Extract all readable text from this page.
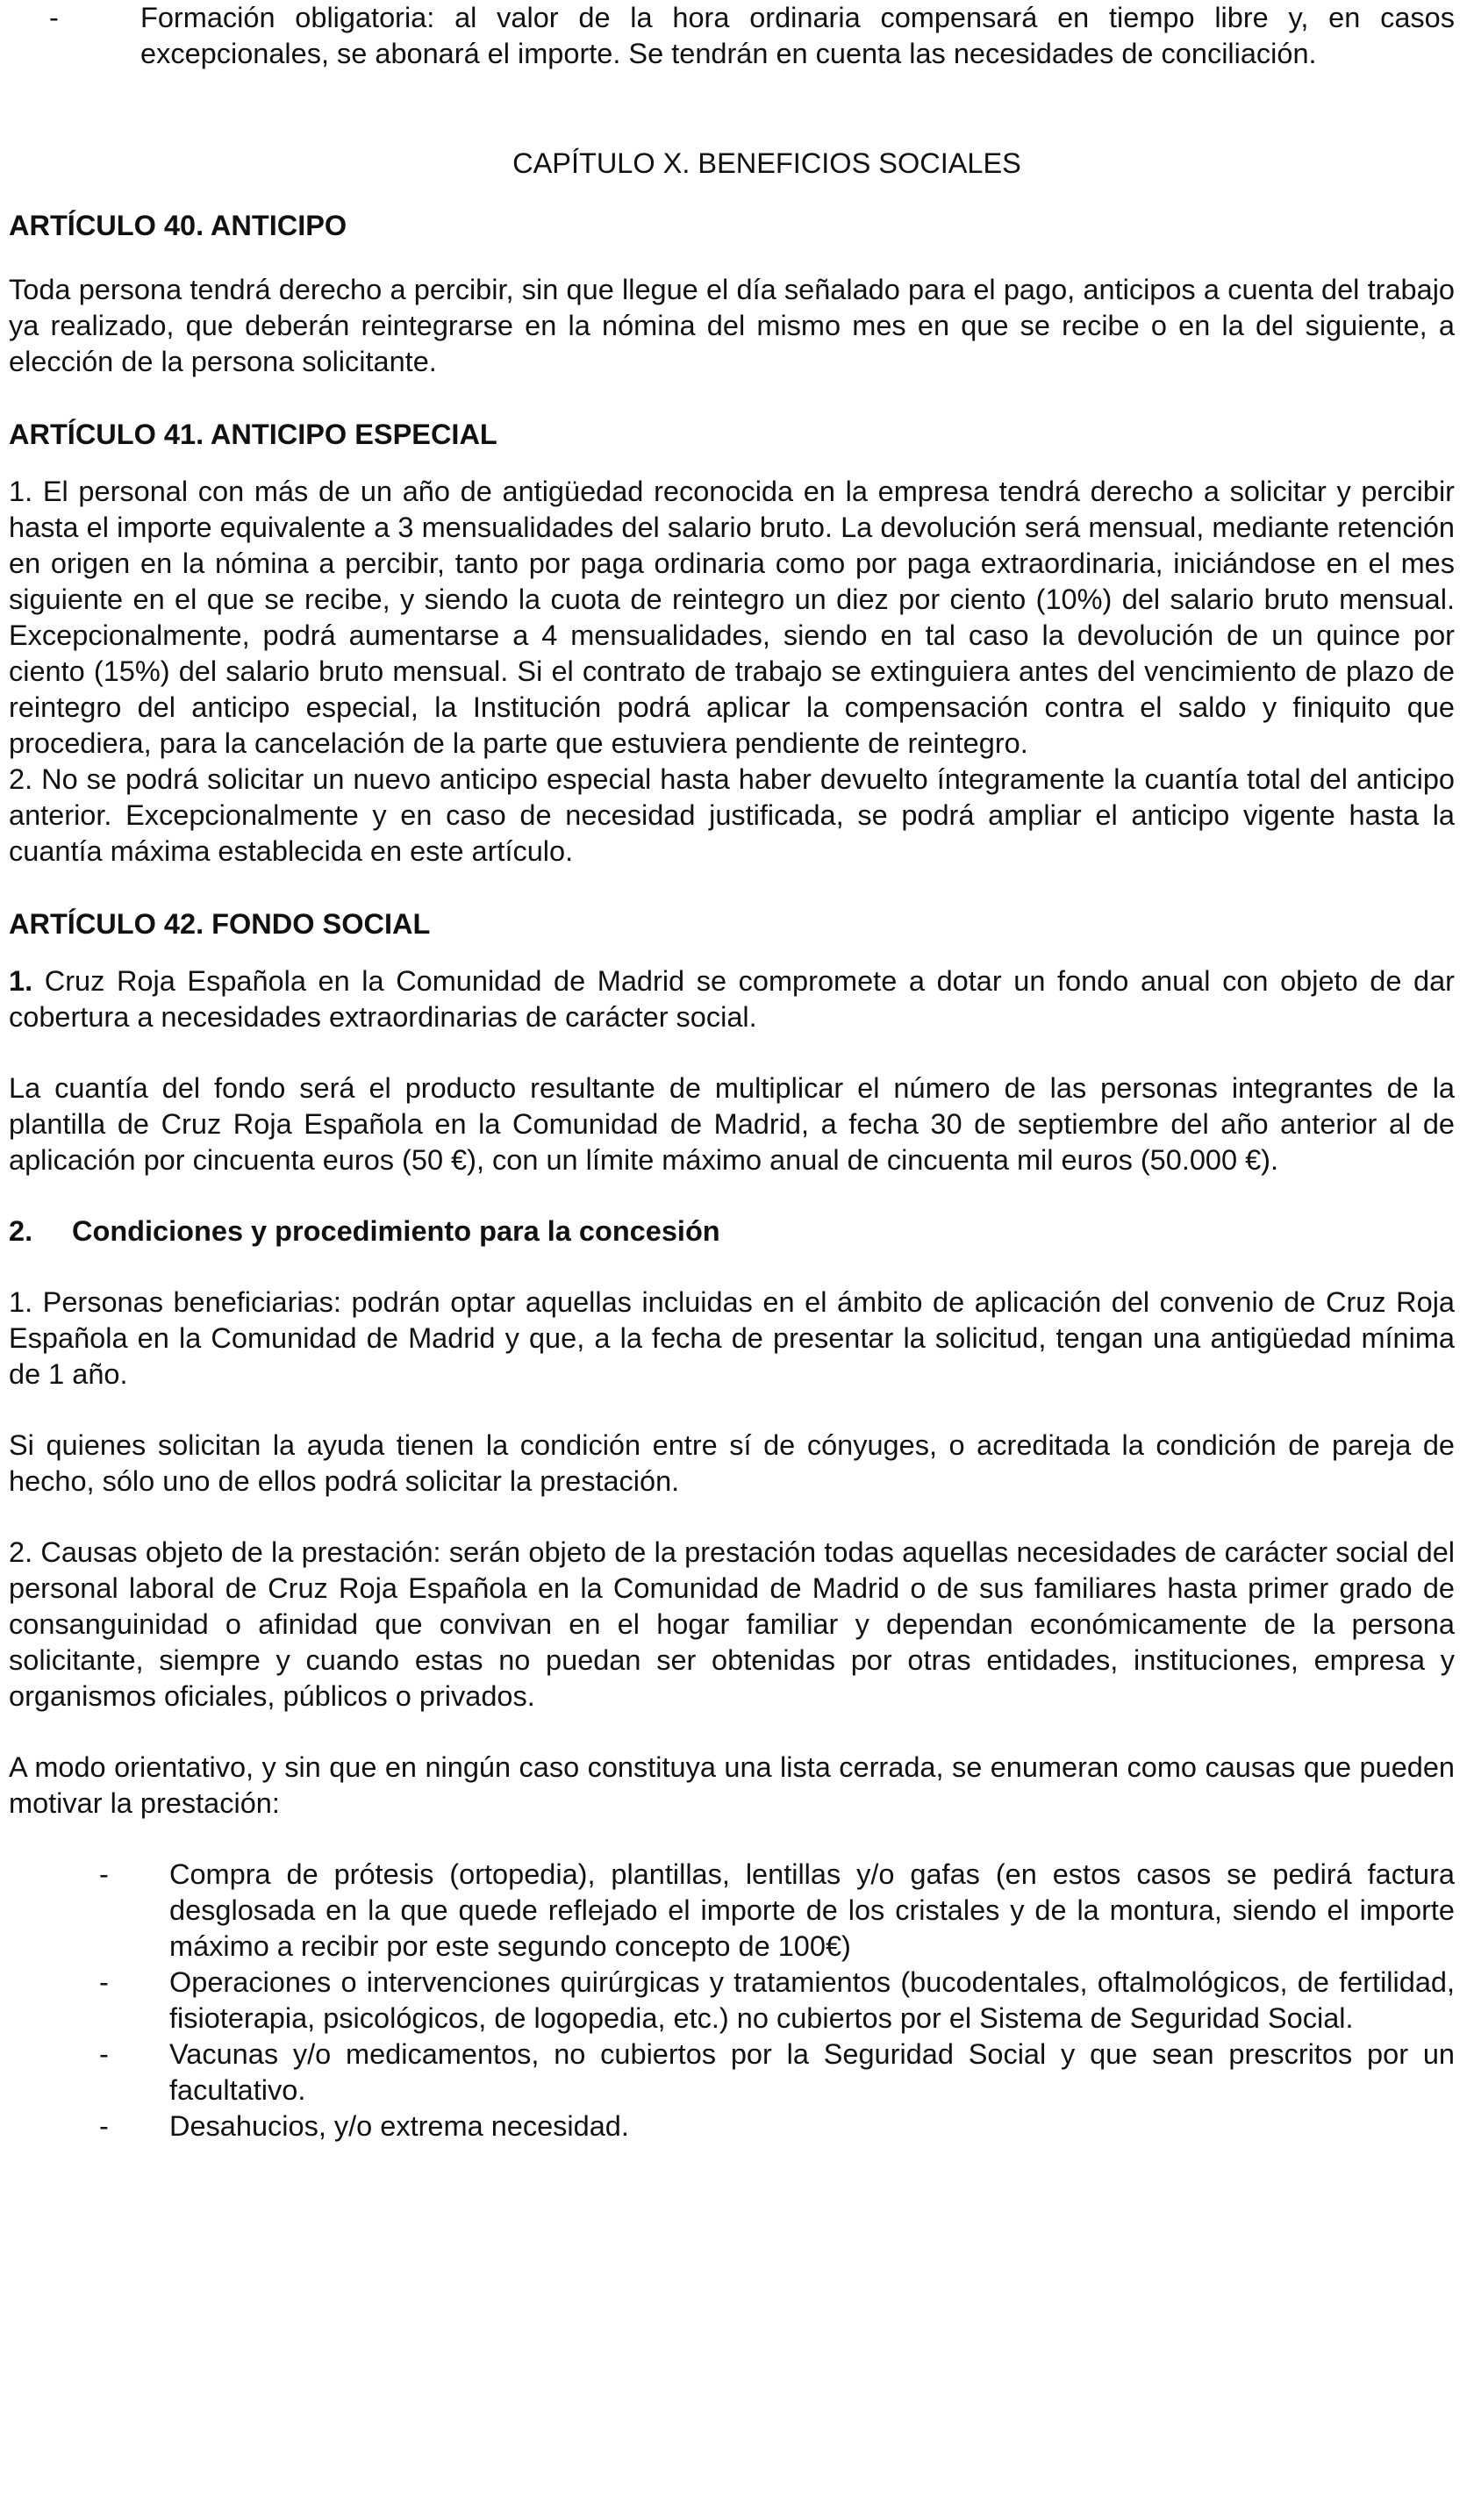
-	Formación obligatoria: al valor de la hora ordinaria compensará en tiempo libre y, en casos excepcionales, se abonará el importe. Se tendrán en cuenta las necesidades de conciliación.

CAPÍTULO X. BENEFICIOS SOCIALES

ARTÍCULO 40. ANTICIPO

Toda persona tendrá derecho a percibir, sin que llegue el día señalado para el pago, anticipos a cuenta del trabajo ya realizado, que deberán reintegrarse en la nómina del mismo mes en que se recibe o en la del siguiente, a elección de la persona solicitante.

ARTÍCULO 41. ANTICIPO ESPECIAL

1. El personal con más de un año de antigüedad reconocida en la empresa tendrá derecho a solicitar y percibir hasta el importe equivalente a 3 mensualidades del salario bruto. La devolución será mensual, mediante retención en origen en la nómina a percibir, tanto por paga ordinaria como por paga extraordinaria, iniciándose en el mes siguiente en el que se recibe, y siendo la cuota de reintegro un diez por ciento (10%) del salario bruto mensual. Excepcionalmente, podrá aumentarse a 4 mensualidades, siendo en tal caso la devolución de un quince por ciento (15%) del salario bruto mensual. Si el contrato de trabajo se extinguiera antes del vencimiento de plazo de reintegro del anticipo especial, la Institución podrá aplicar la compensación contra el saldo y finiquito que procediera, para la cancelación de la parte que estuviera pendiente de reintegro.

2. No se podrá solicitar un nuevo anticipo especial hasta haber devuelto íntegramente la cuantía total del anticipo anterior. Excepcionalmente y en caso de necesidad justificada, se podrá ampliar el anticipo vigente hasta la cuantía máxima establecida en este artículo.

ARTÍCULO 42. FONDO SOCIAL

1. Cruz Roja Española en la Comunidad de Madrid se compromete a dotar un fondo anual con objeto de dar cobertura a necesidades extraordinarias de carácter social.

La cuantía del fondo será el producto resultante de multiplicar el número de las personas integrantes de la plantilla de Cruz Roja Española en la Comunidad de Madrid, a fecha 30 de septiembre del año anterior al de aplicación por cincuenta euros (50 €), con un límite máximo anual de cincuenta mil euros (50.000 €).

2.	Condiciones y procedimiento para la concesión

1. Personas beneficiarias: podrán optar aquellas incluidas en el ámbito de aplicación del convenio de Cruz Roja Española en la Comunidad de Madrid y que, a la fecha de presentar la solicitud, tengan una antigüedad mínima de 1 año.

Si quienes solicitan la ayuda tienen la condición entre sí de cónyuges, o acreditada la condición de pareja de hecho, sólo uno de ellos podrá solicitar la prestación.

2. Causas objeto de la prestación: serán objeto de la prestación todas aquellas necesidades de carácter social del personal laboral de Cruz Roja Española en la Comunidad de Madrid o de sus familiares hasta primer grado de consanguinidad o afinidad que convivan en el hogar familiar y dependan económicamente de la persona solicitante, siempre y cuando estas no puedan ser obtenidas por otras entidades, instituciones, empresa y organismos oficiales, públicos o privados.

A modo orientativo, y sin que en ningún caso constituya una lista cerrada, se enumeran como causas que pueden motivar la prestación:

-	Compra de prótesis (ortopedia), plantillas, lentillas y/o gafas (en estos casos se pedirá factura desglosada en la que quede reflejado el importe de los cristales y de la montura, siendo el importe máximo a recibir por este segundo concepto de 100€)
-	Operaciones o intervenciones quirúrgicas y tratamientos (bucodentales, oftalmológicos, de fertilidad, fisioterapia, psicológicos, de logopedia, etc.) no cubiertos por el Sistema de Seguridad Social.
-	Vacunas y/o medicamentos, no cubiertos por la Seguridad Social y que sean prescritos por un facultativo.
-	Desahucios, y/o extrema necesidad.
